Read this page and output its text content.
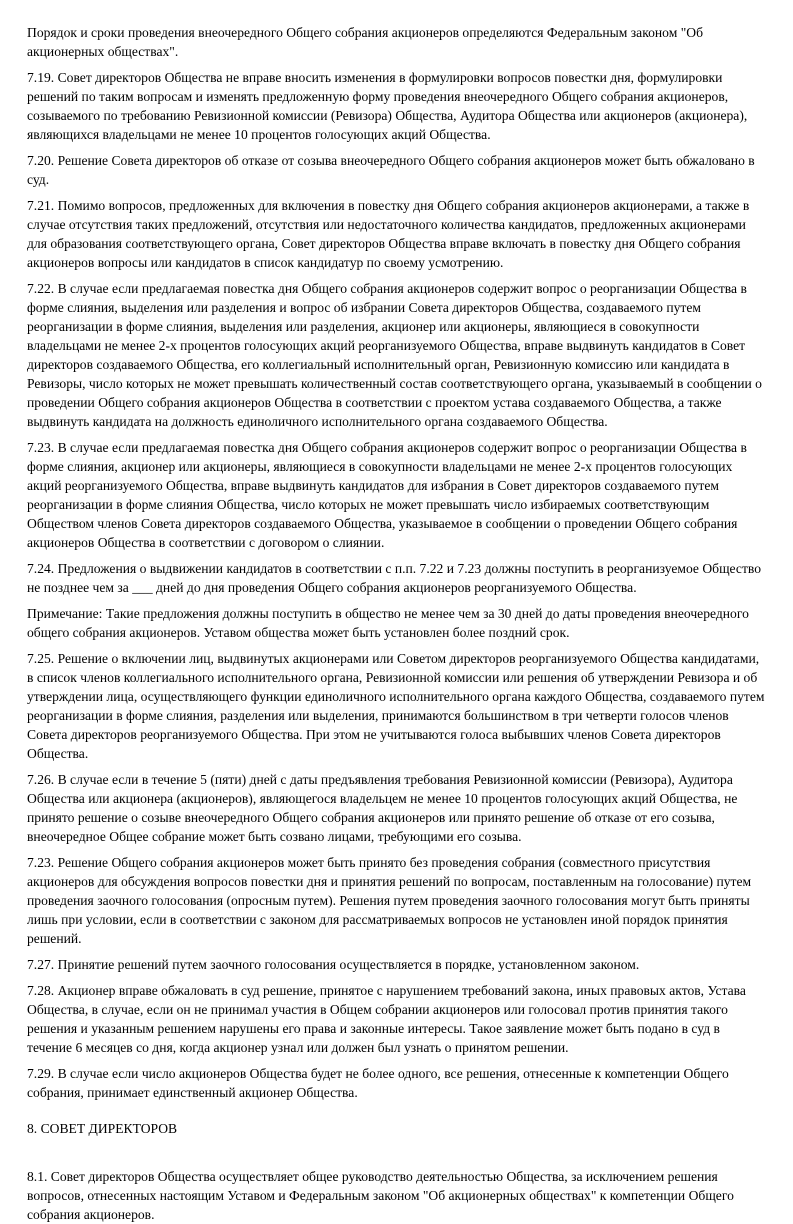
Порядок и сроки проведения внеочередного Общего собрания акционеров определяются Федеральным законом "Об акционерных обществах".

7.19. Совет директоров Общества не вправе вносить изменения в формулировки вопросов повестки дня, формулировки решений по таким вопросам и изменять предложенную форму проведения внеочередного Общего собрания акционеров, созываемого по требованию Ревизионной комиссии (Ревизора) Общества, Аудитора Общества или акционеров (акционера), являющихся владельцами не менее 10 процентов голосующих акций Общества.

7.20. Решение Совета директоров об отказе от созыва внеочередного Общего собрания акционеров может быть обжаловано в суд.

7.21. Помимо вопросов, предложенных для включения в повестку дня Общего собрания акционеров акционерами, а также в случае отсутствия таких предложений, отсутствия или недостаточного количества кандидатов, предложенных акционерами для образования соответствующего органа, Совет директоров Общества вправе включать в повестку дня Общего собрания акционеров вопросы или кандидатов в список кандидатур по своему усмотрению.

7.22. В случае если предлагаемая повестка дня Общего собрания акционеров содержит вопрос о реорганизации Общества в форме слияния, выделения или разделения и вопрос об избрании Совета директоров Общества, создаваемого путем реорганизации в форме слияния, выделения или разделения, акционер или акционеры, являющиеся в совокупности владельцами не менее 2-х процентов голосующих акций реорганизуемого Общества, вправе выдвинуть кандидатов в Совет директоров создаваемого Общества, его коллегиальный исполнительный орган, Ревизионную комиссию или кандидата в Ревизоры, число которых не может превышать количественный состав соответствующего органа, указываемый в сообщении о проведении Общего собрания акционеров Общества в соответствии с проектом устава создаваемого Общества, а также выдвинуть кандидата на должность единоличного исполнительного органа создаваемого Общества.

7.23. В случае если предлагаемая повестка дня Общего собрания акционеров содержит вопрос о реорганизации Общества в форме слияния, акционер или акционеры, являющиеся в совокупности владельцами не менее 2-х процентов голосующих акций реорганизуемого Общества, вправе выдвинуть кандидатов для избрания в Совет директоров создаваемого путем реорганизации в форме слияния Общества, число которых не может превышать число избираемых соответствующим Обществом членов Совета директоров создаваемого Общества, указываемое в сообщении о проведении Общего собрания акционеров Общества в соответствии с договором о слиянии.

7.24. Предложения о выдвижении кандидатов в соответствии с п.п. 7.22 и 7.23 должны поступить в реорганизуемое Общество не позднее чем за ___ дней до дня проведения Общего собрания акционеров реорганизуемого Общества.

Примечание: Такие предложения должны поступить в общество не менее чем за 30 дней до даты проведения внеочередного общего собрания акционеров. Уставом общества может быть установлен более поздний срок.

7.25. Решение о включении лиц, выдвинутых акционерами или Советом директоров реорганизуемого Общества кандидатами, в список членов коллегиального исполнительного органа, Ревизионной комиссии или решения об утверждении Ревизора и об утверждении лица, осуществляющего функции единоличного исполнительного органа каждого Общества, создаваемого путем реорганизации в форме слияния, разделения или выделения, принимаются большинством в три четверти голосов членов Совета директоров реорганизуемого Общества. При этом не учитываются голоса выбывших членов Совета директоров Общества.

7.26. В случае если в течение 5 (пяти) дней с даты предъявления требования Ревизионной комиссии (Ревизора), Аудитора Общества или акционера (акционеров), являющегося владельцем не менее 10 процентов голосующих акций Общества, не принято решение о созыве внеочередного Общего собрания акционеров или принято решение об отказе от его созыва, внеочередное Общее собрание может быть созвано лицами, требующими его созыва.

7.23. Решение Общего собрания акционеров может быть принято без проведения собрания (совместного присутствия акционеров для обсуждения вопросов повестки дня и принятия решений по вопросам, поставленным на голосование) путем проведения заочного голосования (опросным путем). Решения путем проведения заочного голосования могут быть приняты лишь при условии, если в соответствии с законом для рассматриваемых вопросов не установлен иной порядок принятия решений.

7.27. Принятие решений путем заочного голосования осуществляется в порядке, установленном законом.

7.28. Акционер вправе обжаловать в суд решение, принятое с нарушением требований закона, иных правовых актов, Устава Общества, в случае, если он не принимал участия в Общем собрании акционеров или голосовал против принятия такого решения и указанным решением нарушены его права и законные интересы. Такое заявление может быть подано в суд в течение 6 месяцев со дня, когда акционер узнал или должен был узнать о принятом решении.

7.29. В случае если число акционеров Общества будет не более одного, все решения, отнесенные к компетенции Общего собрания, принимает единственный акционер Общества.

8. СОВЕТ ДИРЕКТОРОВ

8.1. Совет директоров Общества осуществляет общее руководство деятельностью Общества, за исключением решения вопросов, отнесенных настоящим Уставом и Федеральным законом "Об акционерных обществах" к компетенции Общего собрания акционеров.
